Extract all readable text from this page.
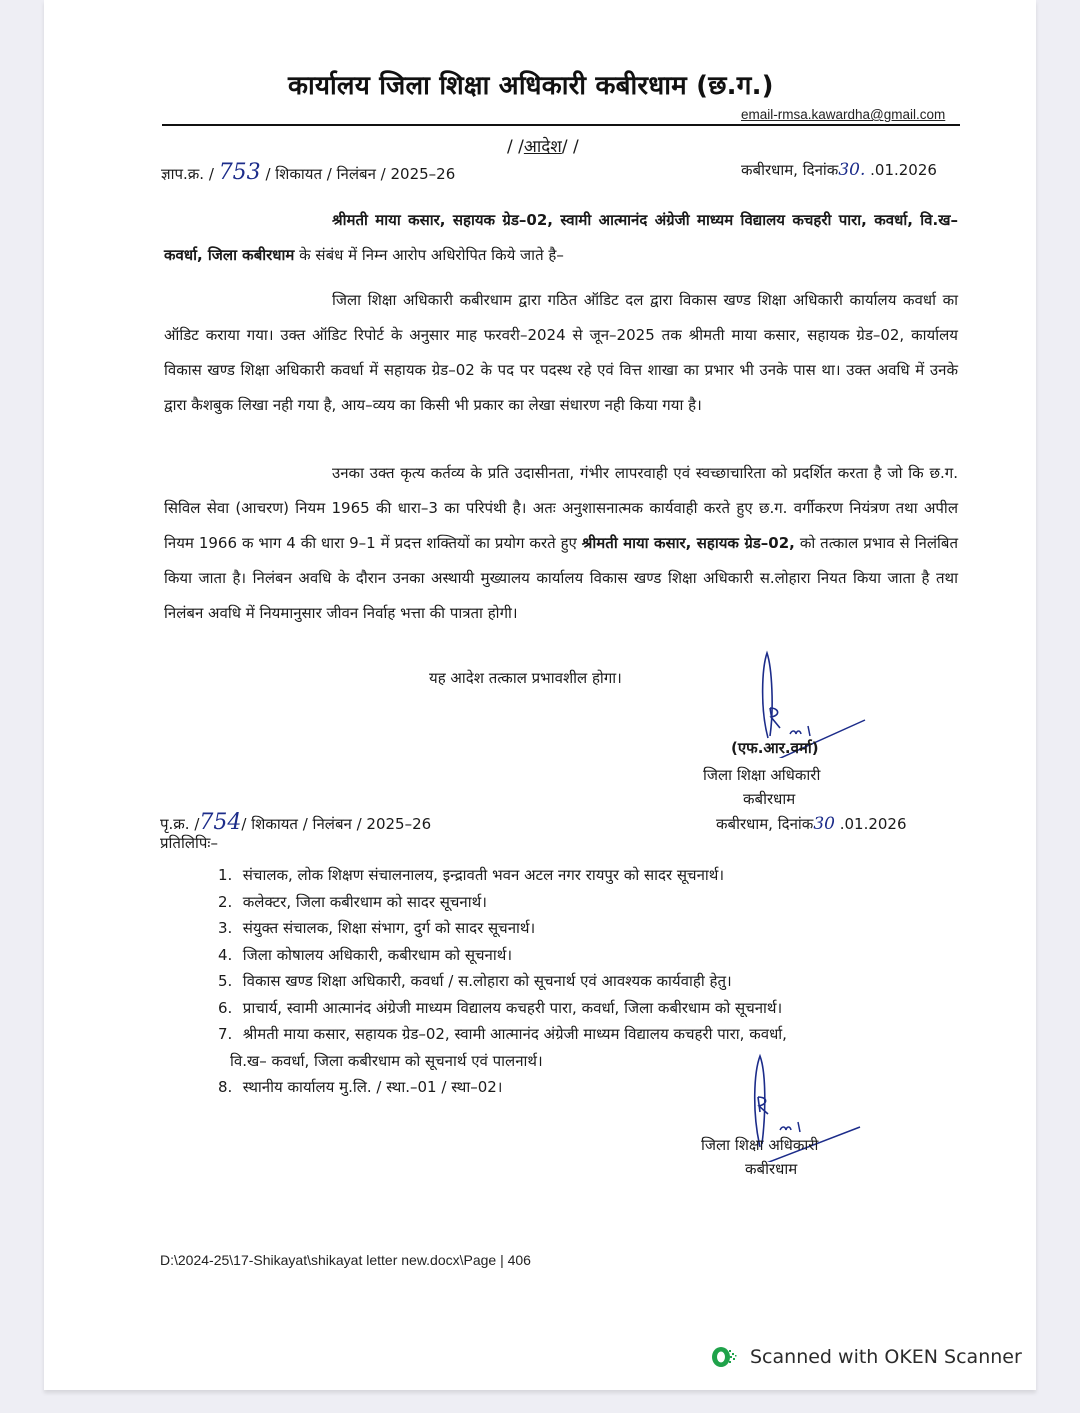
कार्यालय जिला शिक्षा अधिकारी कबीरधाम (छ.ग.)
email-rmsa.kawardha@gmail.com
/ /आदेश/ /
ज्ञाप.क्र. / 753 / शिकायत / निलंबन / 2025–26	कबीरधाम, दिनांक30. .01.2026
श्रीमती माया कसार, सहायक ग्रेड–02, स्वामी आत्मानंद अंग्रेजी माध्यम विद्यालय कचहरी पारा, कवर्धा, वि.ख– कवर्धा, जिला कबीरधाम के संबंध में निम्न आरोप अधिरोपित किये जाते है–
जिला शिक्षा अधिकारी कबीरधाम द्वारा गठित ऑडिट दल द्वारा विकास खण्ड शिक्षा अधिकारी कार्यालय कवर्धा का ऑडिट कराया गया। उक्त ऑडिट रिपोर्ट के अनुसार माह फरवरी–2024 से जून–2025 तक श्रीमती माया कसार, सहायक ग्रेड–02, कार्यालय विकास खण्ड शिक्षा अधिकारी कवर्धा में सहायक ग्रेड–02 के पद पर पदस्थ रहे एवं वित्त शाखा का प्रभार भी उनके पास था। उक्त अवधि में उनके द्वारा कैशबुक लिखा नही गया है, आय–व्यय का किसी भी प्रकार का लेखा संधारण नही किया गया है।
उनका उक्त कृत्य कर्तव्य के प्रति उदासीनता, गंभीर लापरवाही एवं स्वच्छाचारिता को प्रदर्शित करता है जो कि छ.ग. सिविल सेवा (आचरण) नियम 1965 की धारा–3 का परिपंथी है। अतः अनुशासनात्मक कार्यवाही करते हुए छ.ग. वर्गीकरण नियंत्रण तथा अपील नियम 1966 क भाग 4 की धारा 9–1 में प्रदत्त शक्तियों का प्रयोग करते हुए श्रीमती माया कसार, सहायक ग्रेड–02, को तत्काल प्रभाव से निलंबित किया जाता है। निलंबन अवधि के दौरान उनका अस्थायी मुख्यालय कार्यालय विकास खण्ड शिक्षा अधिकारी स.लोहारा नियत किया जाता है तथा निलंबन अवधि में नियमानुसार जीवन निर्वाह भत्ता की पात्रता होगी।
यह आदेश तत्काल प्रभावशील होगा।
(एफ.आर.वर्मा)
जिला शिक्षा अधिकारी
कबीरधाम
कबीरधाम, दिनांक30 .01.2026
पृ.क्र. /754/ शिकायत / निलंबन / 2025–26
प्रतिलिपिः–
1. संचालक, लोक शिक्षण संचालनालय, इन्द्रावती भवन अटल नगर रायपुर को सादर सूचनार्थ।
2. कलेक्टर, जिला कबीरधाम को सादर सूचनार्थ।
3. संयुक्त संचालक, शिक्षा संभाग, दुर्ग को सादर सूचनार्थ।
4. जिला कोषालय अधिकारी, कबीरधाम को सूचनार्थ।
5. विकास खण्ड शिक्षा अधिकारी, कवर्धा / स.लोहारा को सूचनार्थ एवं आवश्यक कार्यवाही हेतु।
6. प्राचार्य, स्वामी आत्मानंद अंग्रेजी माध्यम विद्यालय कचहरी पारा, कवर्धा, जिला कबीरधाम को सूचनार्थ।
7. श्रीमती माया कसार, सहायक ग्रेड–02, स्वामी आत्मानंद अंग्रेजी माध्यम विद्यालय कचहरी पारा, कवर्धा,
वि.ख– कवर्धा, जिला कबीरधाम को सूचनार्थ एवं पालनार्थ।
8. स्थानीय कार्यालय मु.लि. / स्था.–01 / स्था–02।
जिला शिक्षा अधिकारी
कबीरधाम
D:\2024-25\17-Shikayat\shikayat letter new.docx\Page | 406
Scanned with OKEN Scanner
